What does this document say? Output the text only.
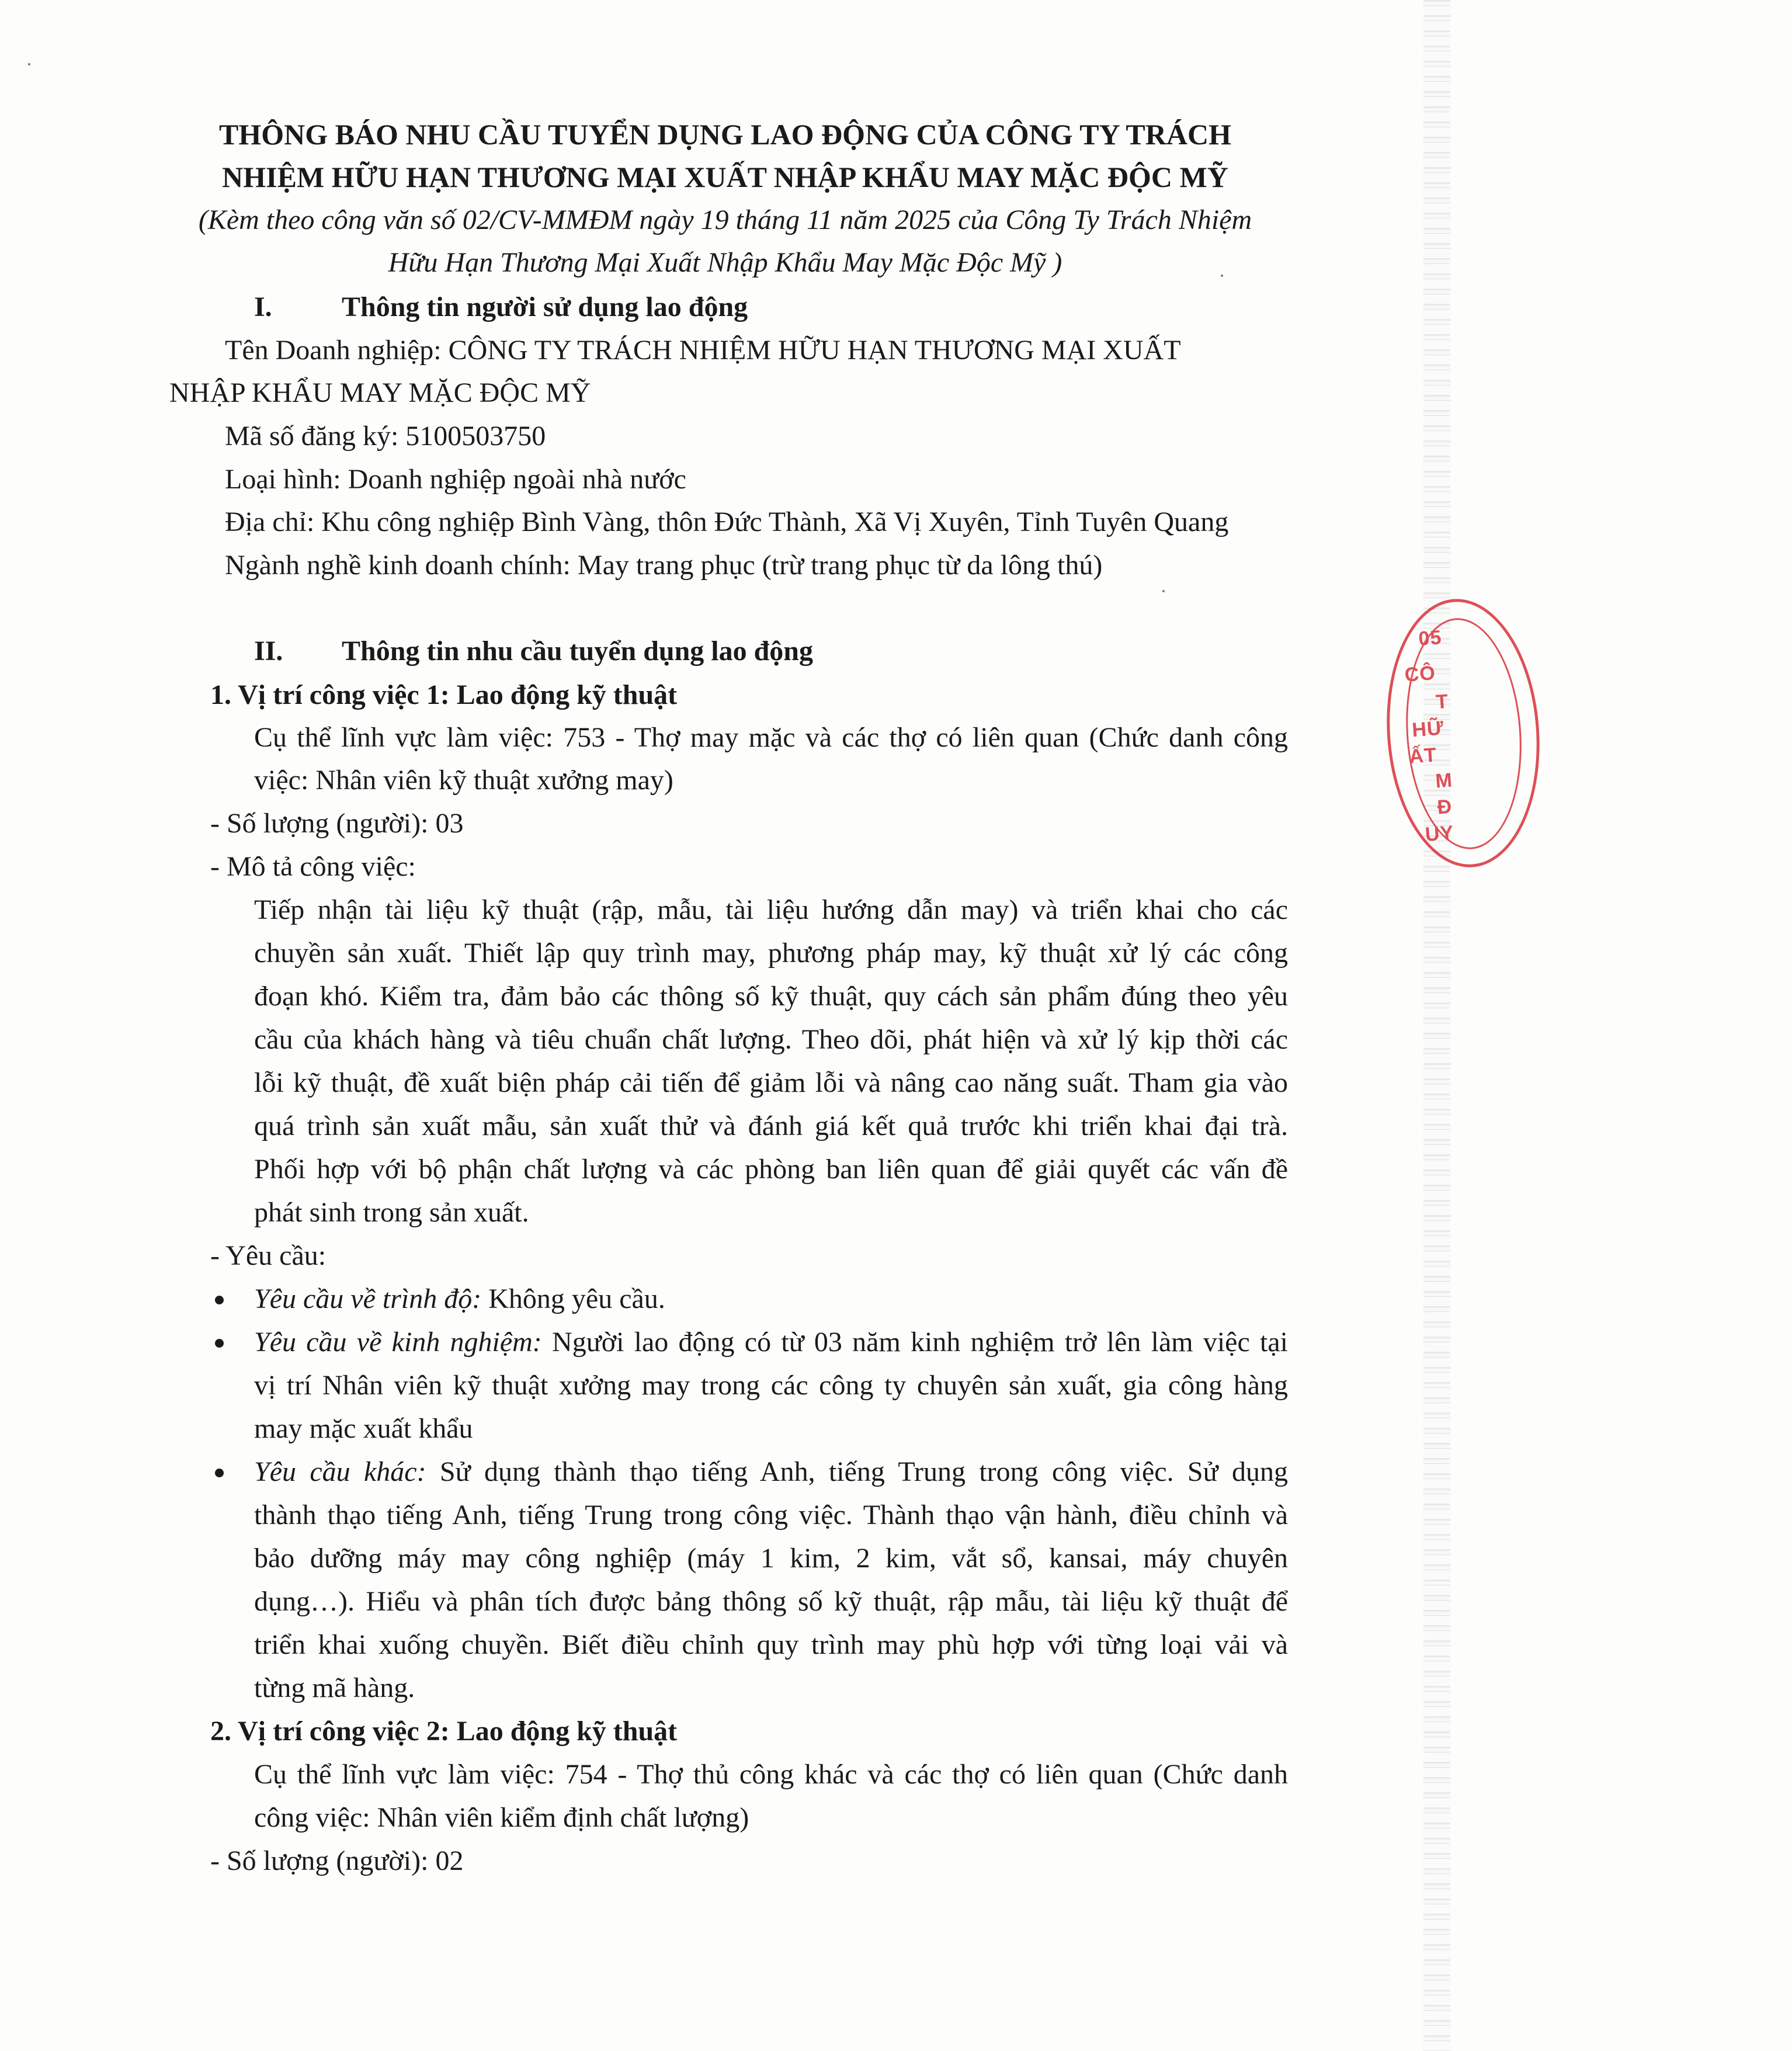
05
CÔ
T
HỮ
ẤT
M
Đ
UY
THÔNG BÁO NHU CẦU TUYỂN DỤNG LAO ĐỘNG CỦA CÔNG TY TRÁCH
NHIỆM HỮU HẠN THƯƠNG MẠI XUẤT NHẬP KHẨU MAY MẶC ĐỘC MỸ
(Kèm theo công văn số 02/CV-MMĐM ngày 19 tháng 11 năm 2025 của Công Ty Trách Nhiệm
Hữu Hạn Thương Mại Xuất Nhập Khẩu May Mặc Độc Mỹ )
I. Thông tin người sử dụng lao động
Tên Doanh nghiệp: CÔNG TY TRÁCH NHIỆM HỮU HẠN THƯƠNG MẠI XUẤT
NHẬP KHẨU MAY MẶC ĐỘC MỸ
Mã số đăng ký: 5100503750
Loại hình: Doanh nghiệp ngoài nhà nước
Địa chỉ: Khu công nghiệp Bình Vàng, thôn Đức Thành, Xã Vị Xuyên, Tỉnh Tuyên Quang
Ngành nghề kinh doanh chính: May trang phục (trừ trang phục từ da lông thú)
II. Thông tin nhu cầu tuyển dụng lao động
1. Vị trí công việc 1: Lao động kỹ thuật
Cụ thể lĩnh vực làm việc: 753 - Thợ may mặc và các thợ có liên quan (Chức danh công
việc: Nhân viên kỹ thuật xưởng may)
- Số lượng (người): 03
- Mô tả công việc:
Tiếp nhận tài liệu kỹ thuật (rập, mẫu, tài liệu hướng dẫn may) và triển khai cho các
chuyền sản xuất. Thiết lập quy trình may, phương pháp may, kỹ thuật xử lý các công
đoạn khó. Kiểm tra, đảm bảo các thông số kỹ thuật, quy cách sản phẩm đúng theo yêu
cầu của khách hàng và tiêu chuẩn chất lượng. Theo dõi, phát hiện và xử lý kịp thời các
lỗi kỹ thuật, đề xuất biện pháp cải tiến để giảm lỗi và nâng cao năng suất. Tham gia vào
quá trình sản xuất mẫu, sản xuất thử và đánh giá kết quả trước khi triển khai đại trà.
Phối hợp với bộ phận chất lượng và các phòng ban liên quan để giải quyết các vấn đề
phát sinh trong sản xuất.
- Yêu cầu:
Yêu cầu về trình độ: Không yêu cầu.
Yêu cầu về kinh nghiệm: Người lao động có từ 03 năm kinh nghiệm trở lên làm việc tại
vị trí Nhân viên kỹ thuật xưởng may trong các công ty chuyên sản xuất, gia công hàng
may mặc xuất khẩu
Yêu cầu khác: Sử dụng thành thạo tiếng Anh, tiếng Trung trong công việc. Sử dụng
thành thạo tiếng Anh, tiếng Trung trong công việc. Thành thạo vận hành, điều chỉnh và
bảo dưỡng máy may công nghiệp (máy 1 kim, 2 kim, vắt sổ, kansai, máy chuyên
dụng…). Hiểu và phân tích được bảng thông số kỹ thuật, rập mẫu, tài liệu kỹ thuật để
triển khai xuống chuyền. Biết điều chỉnh quy trình may phù hợp với từng loại vải và
từng mã hàng.
2. Vị trí công việc 2: Lao động kỹ thuật
Cụ thể lĩnh vực làm việc: 754 - Thợ thủ công khác và các thợ có liên quan (Chức danh
công việc: Nhân viên kiểm định chất lượng)
- Số lượng (người): 02
